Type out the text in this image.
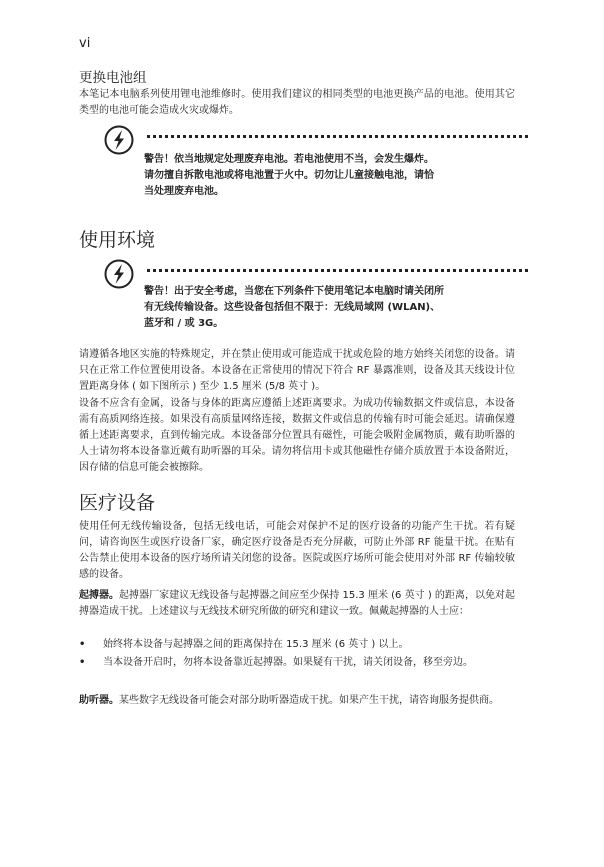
vi
更换电池组

本笔记本电脑系列使用锂电池维修时。使用我们建议的相同类型的电池更换产品的电池。使用其它类型的电池可能会造成火灾或爆炸。

警告！依当地规定处理废弃电池。若电池使用不当，会发生爆炸。

请勿擅自拆散电池或将电池置于火中。切勿让儿童接触电池，请恰

当处理废弃电池。

使用环境

警告！出于安全考虑，当您在下列条件下使用笔记本电脑时请关闭所

有无线传输设备。这些设备包括但不限于：无线局域网 (WLAN)、

蓝牙和 / 或 3G。

请遵循各地区实施的特殊规定，并在禁止使用或可能造成干扰或危险的地方始终关闭您的设备。请只在正常工作位置使用设备。本设备在正常使用的情况下符合 RF 暴露准则，设备及其天线设计位置距离身体 ( 如下图所示 ) 至少 1.5 厘米 (5/8 英寸 )。

设备不应含有金属，设备与身体的距离应遵循上述距离要求。为成功传输数据文件或信息，本设备需有高质网络连接。如果没有高质量网络连接，数据文件或信息的传输有时可能会延迟。请确保遵循上述距离要求，直到传输完成。本设备部分位置具有磁性，可能会吸附金属物质，戴有助听器的人士请勿将本设备靠近戴有助听器的耳朵。请勿将信用卡或其他磁性存储介质放置于本设备附近，因存储的信息可能会被擦除。

医疗设备

使用任何无线传输设备，包括无线电话，可能会对保护不足的医疗设备的功能产生干扰。若有疑问，请咨询医生或医疗设备厂家，确定医疗设备是否充分屏蔽，可防止外部 RF 能量干扰。在贴有公告禁止使用本设备的医疗场所请关闭您的设备。医院或医疗场所可能会使用对外部 RF 传输较敏感的设备。

起搏器。起搏器厂家建议无线设备与起搏器之间应至少保持 15.3 厘米 (6 英寸 ) 的距离，以免对起搏器造成干扰。上述建议与无线技术研究所做的研究和建议一致。佩戴起搏器的人士应：

• 始终将本设备与起搏器之间的距离保持在 15.3 厘米 (6 英寸 ) 以上。
• 当本设备开启时，勿将本设备靠近起搏器。如果疑有干扰，请关闭设备，移至旁边。

助听器。某些数字无线设备可能会对部分助听器造成干扰。如果产生干扰，请咨询服务提供商。
